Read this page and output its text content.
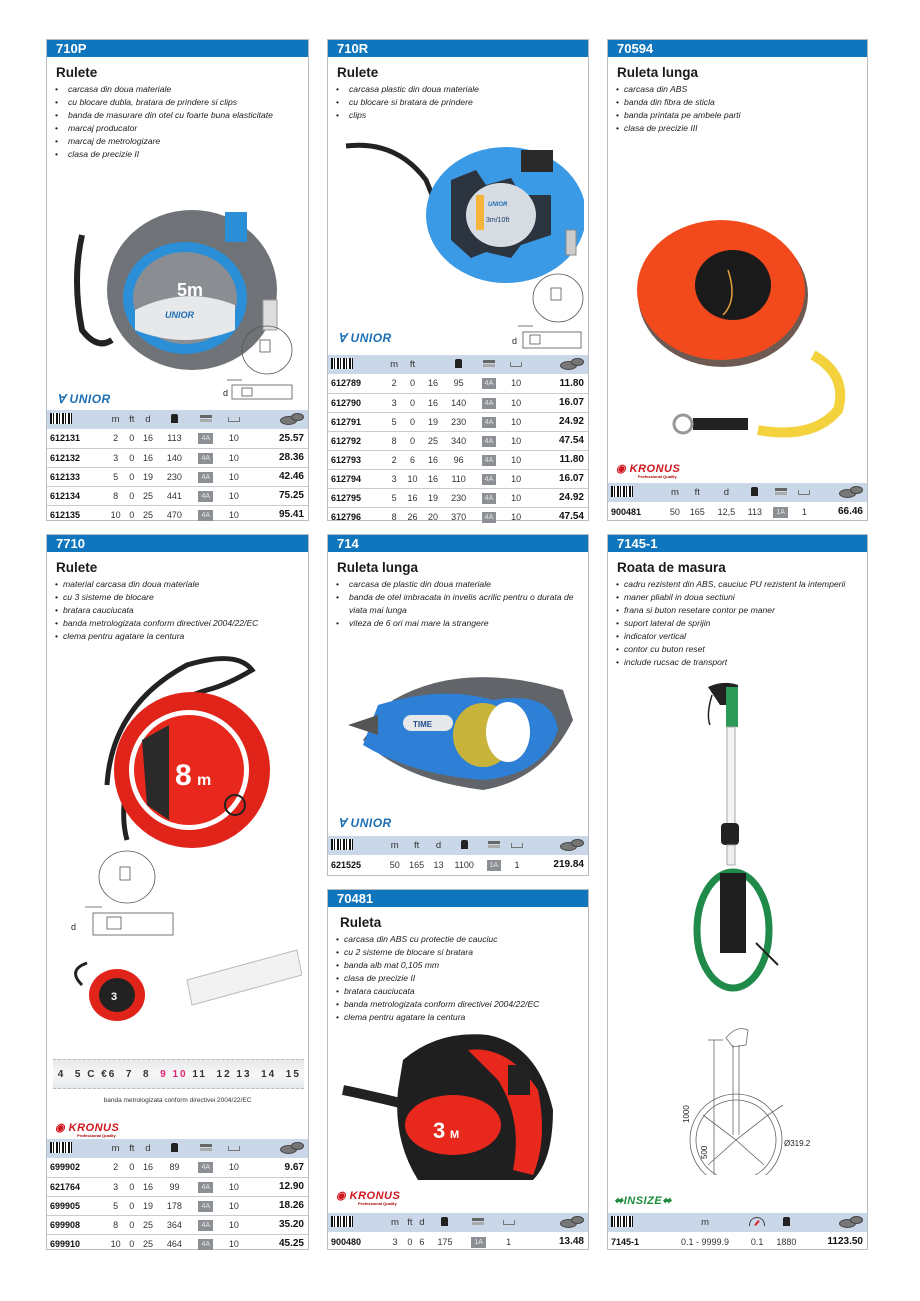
710P
Rulete
• carcasa din doua materiale
• cu blocare dubla, bratara de prindere si clips
• banda de masurare din otel cu foarte buna elasticitate
• marcaj producator
• marcaj de metrologizare
• clasa de precizie II
5m
UNIOR
d
Ɐ UNIOR
	m	ft	d				
612131	2	0	16	113	4A	10	25.57
612132	3	0	16	140	4A	10	28.36
612133	5	0	19	230	4A	10	42.46
612134	8	0	25	441	4A	10	75.25
612135	10	0	25	470	4A	10	95.41
710R
Rulete
• carcasa plastic din doua materiale
• cu blocare si bratara de prindere
• clips
UNIOR
3m/10ft
d
Ɐ UNIOR
	m	ft					
612789	2	0	16	95	4A	10	11.80
612790	3	0	16	140	4A	10	16.07
612791	5	0	19	230	4A	10	24.92
612792	8	0	25	340	4A	10	47.54
612793	2	6	16	96	4A	10	11.80
612794	3	10	16	110	4A	10	16.07
612795	5	16	19	230	4A	10	24.92
612796	8	26	20	370	4A	10	47.54
70594
Ruleta lunga
• carcasa din ABS
• banda din fibra de sticla
• banda printata pe ambele parti
• clasa de precizie III
◉ KRONUS
Professional Quality
	m	ft	d				
900481	50	165	12,5	113	1A	1	66.46
7710
Rulete
• material carcasa din doua materiale
• cu 3 sisteme de blocare
• bratara cauciucata
• banda metrologizata conform directivei 2004/22/EC
• clema pentru agatare la centura
8 m
d
3
4  5 C €6  7  8  9 10 11  12 13  14  15
banda metrologizata conform directivei 2004/22/EC
◉ KRONUS
Professional Quality
	m	ft	d				
699902	2	0	16	89	4A	10	9.67
621764	3	0	16	99	4A	10	12.90
699905	5	0	19	178	4A	10	18.26
699908	8	0	25	364	4A	10	35.20
699910	10	0	25	464	4A	10	45.25
714
Ruleta lunga
• carcasa de plastic din doua materiale
• banda de otel imbracata in invelis acrilic pentru o durata de viata mai lunga
• viteza de 6 ori mai mare la strangere
TIME
Ɐ UNIOR
	m	ft	d				
621525	50	165	13	1100	1A	1	219.84
70481
Ruleta
• carcasa din ABS cu protectie de cauciuc
• cu 2 sisteme de blocare si bratara
• banda alb mat 0,105 mm
• clasa de precizie II
• bratara cauciucata
• banda metrologizata conform directivei 2004/22/EC
• clema pentru agatare la centura
3 M
◉ KRONUS
Professional Quality
	m	ft	d				
900480	3	0	6	175	1A	1	13.48
7145-1
Roata de masura
• cadru rezistent din ABS, cauciuc PU rezistent la intemperii
• maner pliabil in doua sectiuni
• frana si buton resetare contor pe maner
• suport lateral de sprijin
• indicator vertical
• contor cu buton reset
• include rucsac de transport
1000
500
Ø319.2
⬌INSIZE⬌
	m			
7145-1	0.1 - 9999.9	0.1	1880	1123.50
